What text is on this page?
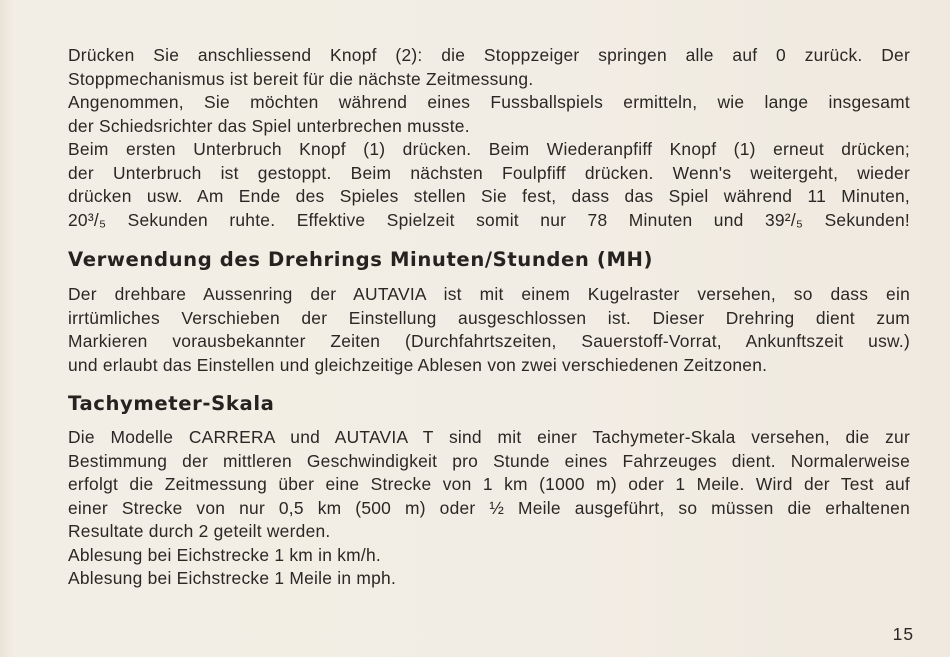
Drücken Sie anschliessend Knopf (2): die Stoppzeiger springen alle auf 0 zurück. Der
Stoppmechanismus ist bereit für die nächste Zeitmessung.
Angenommen, Sie möchten während eines Fussballspiels ermitteln, wie lange insgesamt
der Schiedsrichter das Spiel unterbrechen musste.
Beim ersten Unterbruch Knopf (1) drücken. Beim Wiederanpfiff Knopf (1) erneut drücken;
der Unterbruch ist gestoppt. Beim nächsten Foulpfiff drücken. Wenn's weitergeht, wieder
drücken usw. Am Ende des Spieles stellen Sie fest, dass das Spiel während 11 Minuten,
20³/₅ Sekunden ruhte. Effektive Spielzeit somit nur 78 Minuten und 39²/₅ Sekunden!

Verwendung des Drehrings Minuten/Stunden (MH)

Der drehbare Aussenring der AUTAVIA ist mit einem Kugelraster versehen, so dass ein
irrtümliches Verschieben der Einstellung ausgeschlossen ist. Dieser Drehring dient zum
Markieren vorausbekannter Zeiten (Durchfahrtszeiten, Sauerstoff-Vorrat, Ankunftszeit usw.)
und erlaubt das Einstellen und gleichzeitige Ablesen von zwei verschiedenen Zeitzonen.

Tachymeter-Skala

Die Modelle CARRERA und AUTAVIA T sind mit einer Tachymeter-Skala versehen, die zur
Bestimmung der mittleren Geschwindigkeit pro Stunde eines Fahrzeuges dient. Normalerweise
erfolgt die Zeitmessung über eine Strecke von 1 km (1000 m) oder 1 Meile. Wird der Test auf
einer Strecke von nur 0,5 km (500 m) oder ½ Meile ausgeführt, so müssen die erhaltenen
Resultate durch 2 geteilt werden.
Ablesung bei Eichstrecke 1 km in km/h.
Ablesung bei Eichstrecke 1 Meile in mph.

15
